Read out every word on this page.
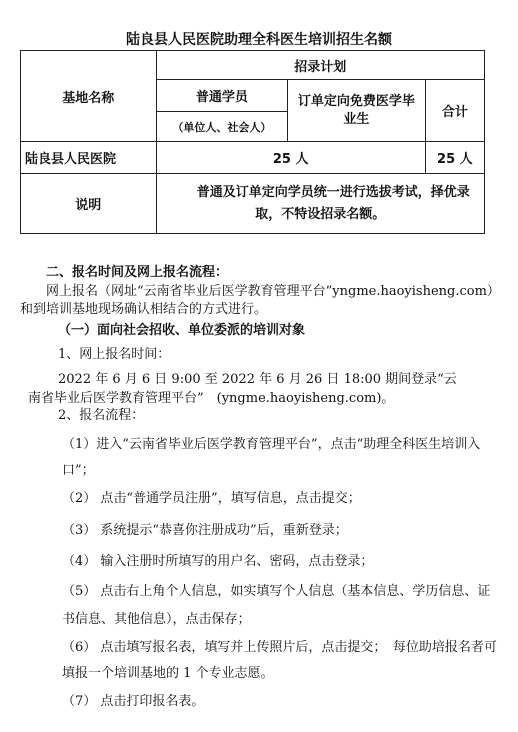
陆良县人民医院助理全科医生培训招生名额
基地名称	招录计划		
	普通学员	订单定向免费医学毕业生	合计
	（单位人、社会人）		
陆良县人民医院	25 人		25 人
说明	普通及订单定向学员统一进行选拔考试，择优录取，不特设招录名额。		
二、报名时间及网上报名流程：
网上报名（网址“云南省毕业后医学教育管理平台”yngme.haoyisheng.com）和到培训基地现场确认相结合的方式进行。
（一）面向社会招收、单位委派的培训对象
1、网上报名时间：
2022 年 6 月 6 日 9:00 至 2022 年 6 月 26 日 18:00 期间登录“云南省毕业后医学教育管理平台”　(yngme.haoyisheng.com)。
2、报名流程：
（1）进入“云南省毕业后医学教育管理平台”，点击“助理全科医生培训入口”；
（2） 点击“普通学员注册”，填写信息，点击提交；
（3） 系统提示“恭喜你注册成功”后，重新登录；
（4） 输入注册时所填写的用户名、密码，点击登录；
（5） 点击右上角个人信息，如实填写个人信息（基本信息、学历信息、证书信息、其他信息），点击保存；
（6） 点击填写报名表，填写并上传照片后，点击提交；　每位助培报名者可填报一个培训基地的 1 个专业志愿。
（7） 点击打印报名表。
